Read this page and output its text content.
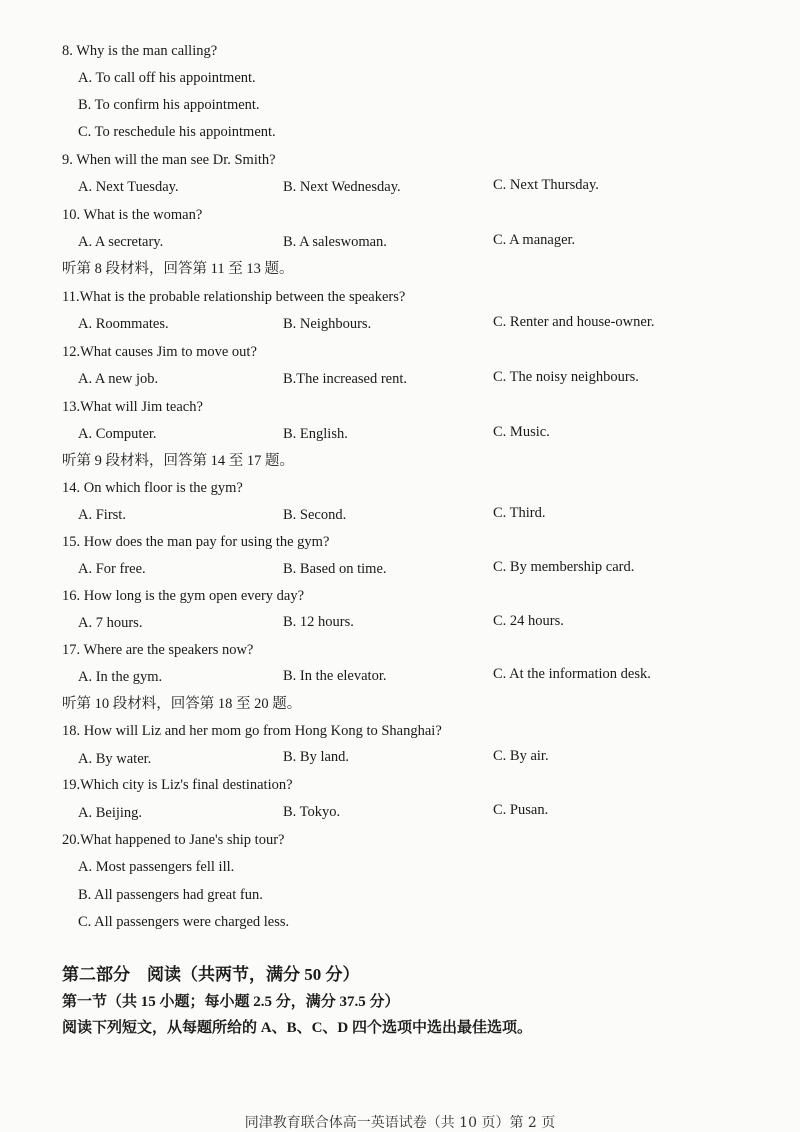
8. Why is the man calling?
A. To call off his appointment.
B. To confirm his appointment.
C. To reschedule his appointment.
9. When will the man see Dr. Smith?
A. Next Tuesday.	B. Next Wednesday.	C. Next Thursday.
10. What is the woman?
A. A secretary.	B. A saleswoman.	C. A manager.
听第 8 段材料，回答第 11 至 13 题。
11.What is the probable relationship between the speakers?
A. Roommates.	B. Neighbours.	C. Renter and house-owner.
12.What causes Jim to move out?
A. A new job.	B.The increased rent.	C. The noisy neighbours.
13.What will Jim teach?
A. Computer.	B. English.	C. Music.
听第 9 段材料，回答第 14 至 17 题。
14. On which floor is the gym?
A. First.	B. Second.	C. Third.
15. How does the man pay for using the gym?
A. For free.	B. Based on time.	C. By membership card.
16. How long is the gym open every day?
A. 7 hours.	B. 12 hours.	C. 24 hours.
17. Where are the speakers now?
A. In the gym.	B. In the elevator.	C. At the information desk.
听第 10 段材料，回答第 18 至 20 题。
18. How will Liz and her mom go from Hong Kong to Shanghai?
A. By water.	B. By land.	C. By air.
19.Which city is Liz's final destination?
A. Beijing.	B. Tokyo.	C. Pusan.
20.What happened to Jane's ship tour?
A. Most passengers fell ill.
B. All passengers had great fun.
C. All passengers were charged less.
第二部分　阅读（共两节，满分 50 分）
第一节（共 15 小题；每小题 2.5 分，满分 37.5 分）
阅读下列短文，从每题所给的 A、B、C、D 四个选项中选出最佳选项。
同津教育联合体高一英语试卷（共 10 页）第 2 页
